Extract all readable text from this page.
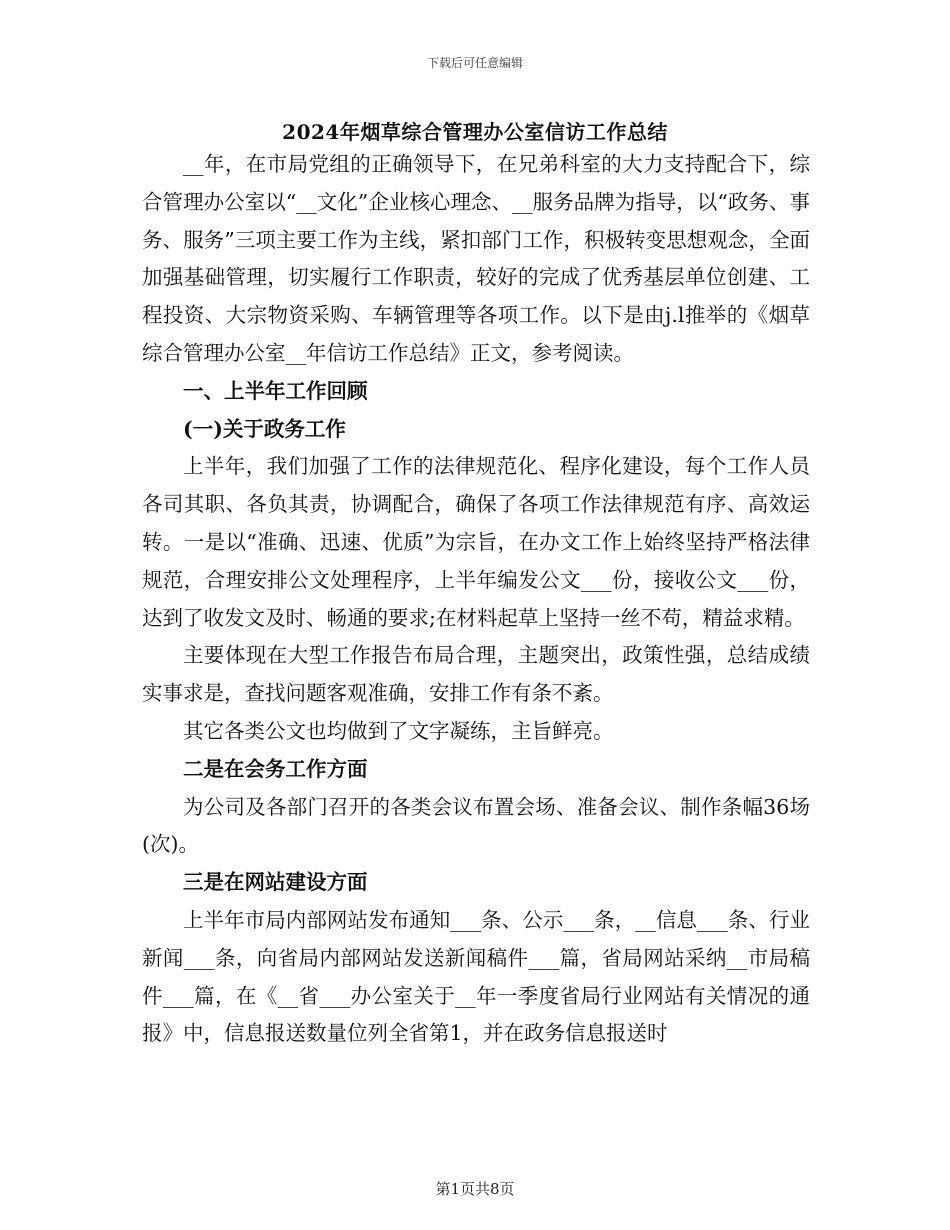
下载后可任意编辑
2024年烟草综合管理办公室信访工作总结

__年，在市局党组的正确领导下，在兄弟科室的大力支持配合下，综合管理办公室以“__文化”企业核心理念、__服务品牌为指导，以“政务、事务、服务”三项主要工作为主线，紧扣部门工作，积极转变思想观念，全面加强基础管理，切实履行工作职责，较好的完成了优秀基层单位创建、工程投资、大宗物资采购、车辆管理等各项工作。以下是由j.l推举的《烟草综合管理办公室__年信访工作总结》正文，参考阅读。

一、上半年工作回顾

(一)关于政务工作

上半年，我们加强了工作的法律规范化、程序化建设，每个工作人员各司其职、各负其责，协调配合，确保了各项工作法律规范有序、高效运转。一是以“准确、迅速、优质”为宗旨，在办文工作上始终坚持严格法律规范，合理安排公文处理程序，上半年编发公文___份，接收公文___份，达到了收发文及时、畅通的要求;在材料起草上坚持一丝不苟，精益求精。

主要体现在大型工作报告布局合理，主题突出，政策性强，总结成绩实事求是，查找问题客观准确，安排工作有条不紊。

其它各类公文也均做到了文字凝练，主旨鲜亮。

二是在会务工作方面

为公司及各部门召开的各类会议布置会场、准备会议、制作条幅36场(次)。

三是在网站建设方面

上半年市局内部网站发布通知___条、公示___条，__信息___条、行业新闻___条，向省局内部网站发送新闻稿件___篇，省局网站采纳__市局稿件___篇，在《__省___办公室关于__年一季度省局行业网站有关情况的通报》中，信息报送数量位列全省第1，并在政务信息报送时

第1页共8页
